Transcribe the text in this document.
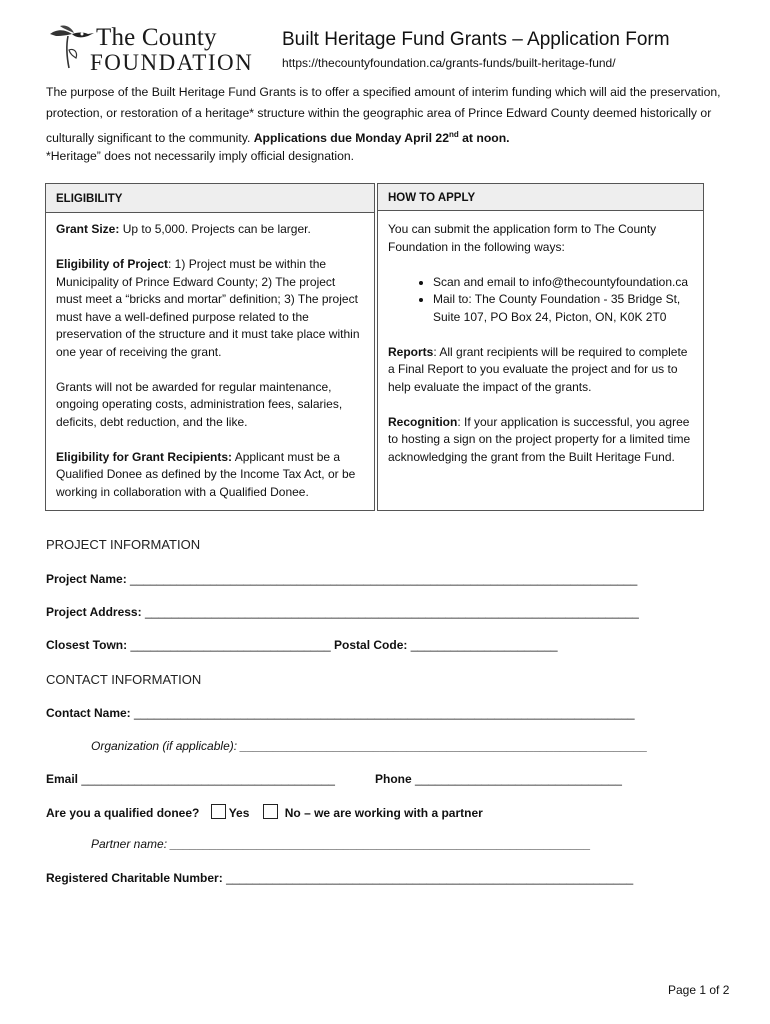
The County
FOUNDATION
Built Heritage Fund Grants – Application Form
https://thecountyfoundation.ca/grants-funds/built-heritage-fund/
The purpose of the Built Heritage Fund Grants is to offer a specified amount of interim funding which will aid the preservation, protection, or restoration of a heritage* structure within the geographic area of Prince Edward County deemed historically or culturally significant to the community. Applications due Monday April 22nd at noon.
*Heritage” does not necessarily imply official designation.
ELIGIBILITY

Grant Size: Up to 5,000. Projects can be larger.

Eligibility of Project: 1) Project must be within the Municipality of Prince Edward County; 2) The project must meet a “bricks and mortar” definition; 3) The project must have a well-defined purpose related to the preservation of the structure and it must take place within one year of receiving the grant.

Grants will not be awarded for regular maintenance, ongoing operating costs, administration fees, salaries, deficits, debt reduction, and the like.

Eligibility for Grant Recipients: Applicant must be a Qualified Donee as defined by the Income Tax Act, or be working in collaboration with a Qualified Donee.

HOW TO APPLY

You can submit the application form to The County Foundation in the following ways:

• Scan and email to info@thecountyfoundation.ca
• Mail to: The County Foundation - 35 Bridge St, Suite 107, PO Box 24, Picton, ON, K0K 2T0

Reports: All grant recipients will be required to complete a Final Report to you evaluate the project and for us to help evaluate the impact of the grants.

Recognition: If your application is successful, you agree to hosting a sign on the project property for a limited time acknowledging the grant from the Built Heritage Fund.

PROJECT INFORMATION
Project Name: ____________________________________________________________________________
Project Address: __________________________________________________________________________
Closest Town: ______________________________ Postal Code: ______________________
CONTACT INFORMATION
Contact Name: ___________________________________________________________________________
Organization (if applicable): _____________________________________________________________
Email ______________________________________	Phone _______________________________
Are you a qualified donee? Yes	No – we are working with a partner
Partner name: _______________________________________________________________
Registered Charitable Number: _____________________________________________________________
Page 1 of 2
